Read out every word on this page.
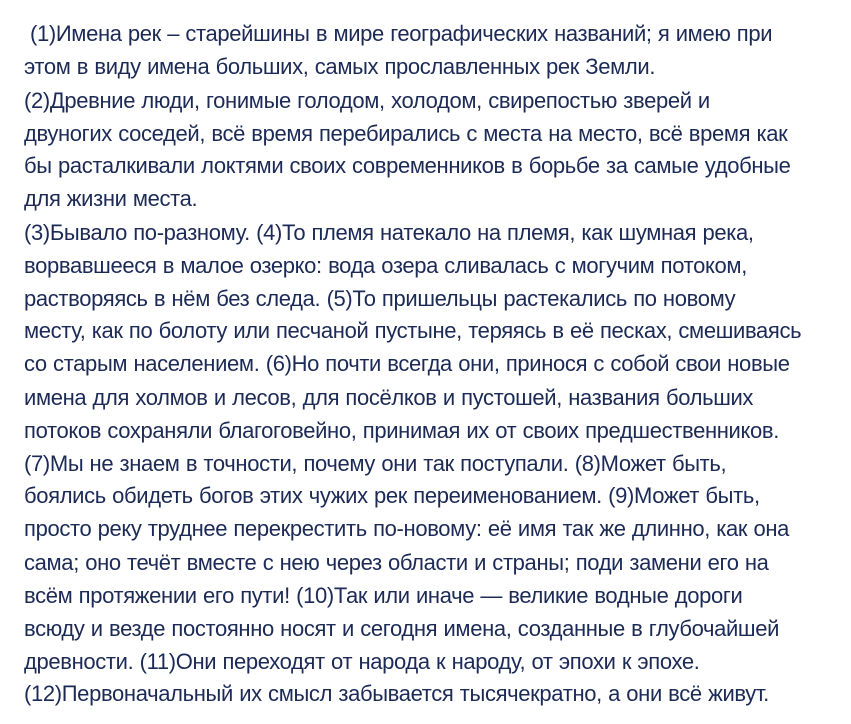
(1)Имена рек – старейшины в мире географических названий; я имею при
этом в виду имена больших, самых прославленных рек Земли.
(2)Древние люди, гонимые голодом, холодом, свирепостью зверей и
двуногих соседей, всё время перебирались с места на место, всё время как
бы расталкивали локтями своих современников в борьбе за самые удобные
для жизни места.
(3)Бывало по-разному. (4)То племя натекало на племя, как шумная река,
ворвавшееся в малое озерко: вода озера сливалась с могучим потоком,
растворяясь в нём без следа. (5)То пришельцы растекались по новому
месту, как по болоту или песчаной пустыне, теряясь в её песках, смешиваясь
со старым населением. (6)Но почти всегда они, принося с собой свои новые
имена для холмов и лесов, для посёлков и пустошей, названия больших
потоков сохраняли благоговейно, принимая их от своих предшественников.
(7)Мы не знаем в точности, почему они так поступали. (8)Может быть,
боялись обидеть богов этих чужих рек переименованием. (9)Может быть,
просто реку труднее перекрестить по-новому: её имя так же длинно, как она
сама; оно течёт вместе с нею через области и страны; поди замени его на
всём протяжении его пути! (10)Так или иначе — великие водные дороги
всюду и везде постоянно носят и сегодня имена, созданные в глубочайшей
древности. (11)Они переходят от народа к народу, от эпохи к эпохе.
(12)Первоначальный их смысл забывается тысячекратно, а они всё живут.
